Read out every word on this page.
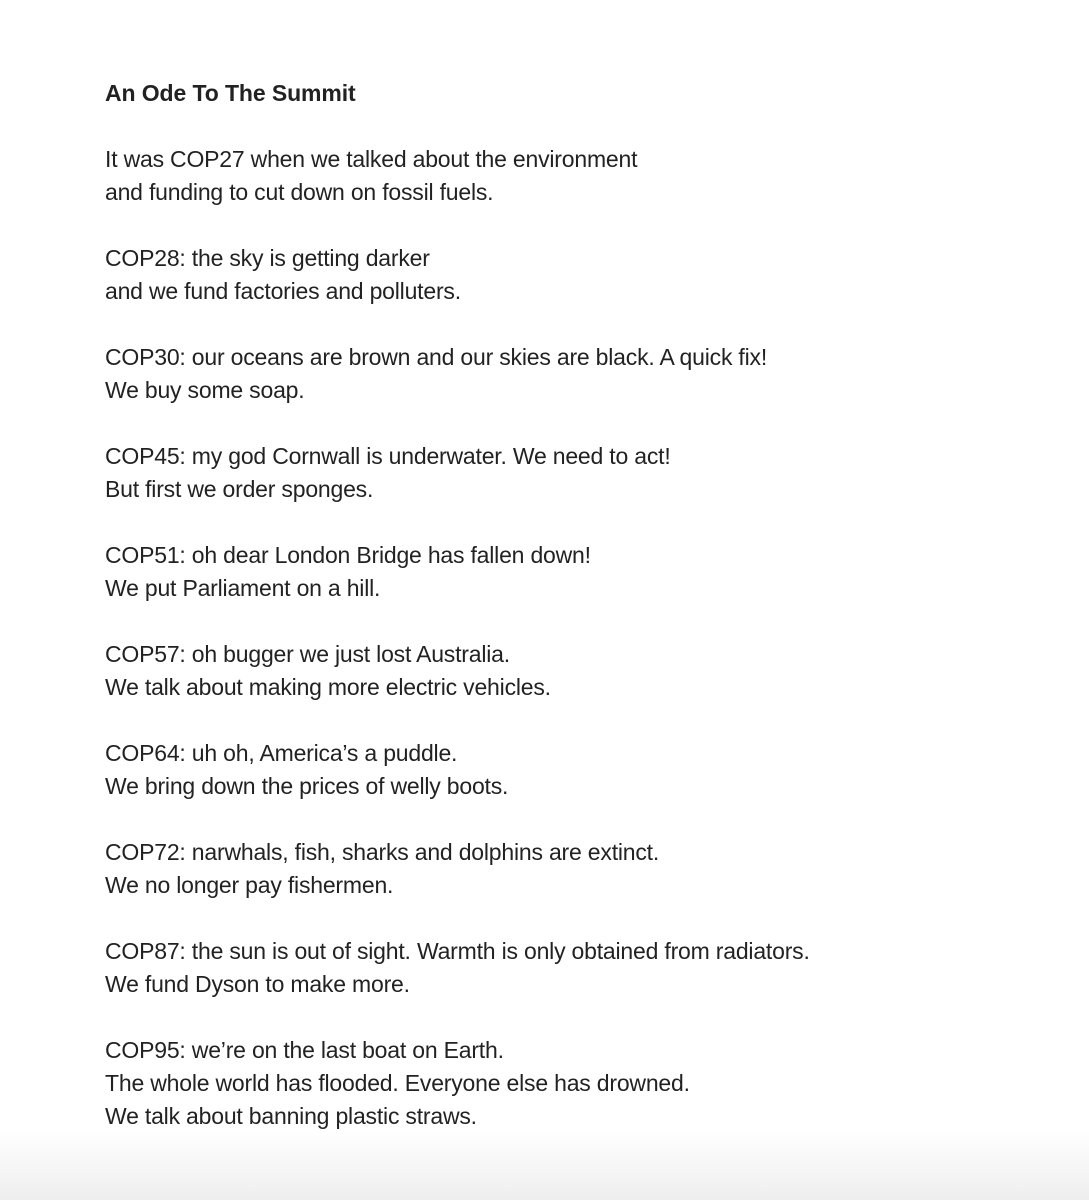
An Ode To The Summit
It was COP27 when we talked about the environment
and funding to cut down on fossil fuels.
COP28: the sky is getting darker
and we fund factories and polluters.
COP30: our oceans are brown and our skies are black. A quick fix!
We buy some soap.
COP45: my god Cornwall is underwater. We need to act!
But first we order sponges.
COP51: oh dear London Bridge has fallen down!
We put Parliament on a hill.
COP57: oh bugger we just lost Australia.
We talk about making more electric vehicles.
COP64: uh oh, America’s a puddle.
We bring down the prices of welly boots.
COP72: narwhals, fish, sharks and dolphins are extinct.
We no longer pay fishermen.
COP87: the sun is out of sight. Warmth is only obtained from radiators.
We fund Dyson to make more.
COP95: we’re on the last boat on Earth.
The whole world has flooded. Everyone else has drowned.
We talk about banning plastic straws.
